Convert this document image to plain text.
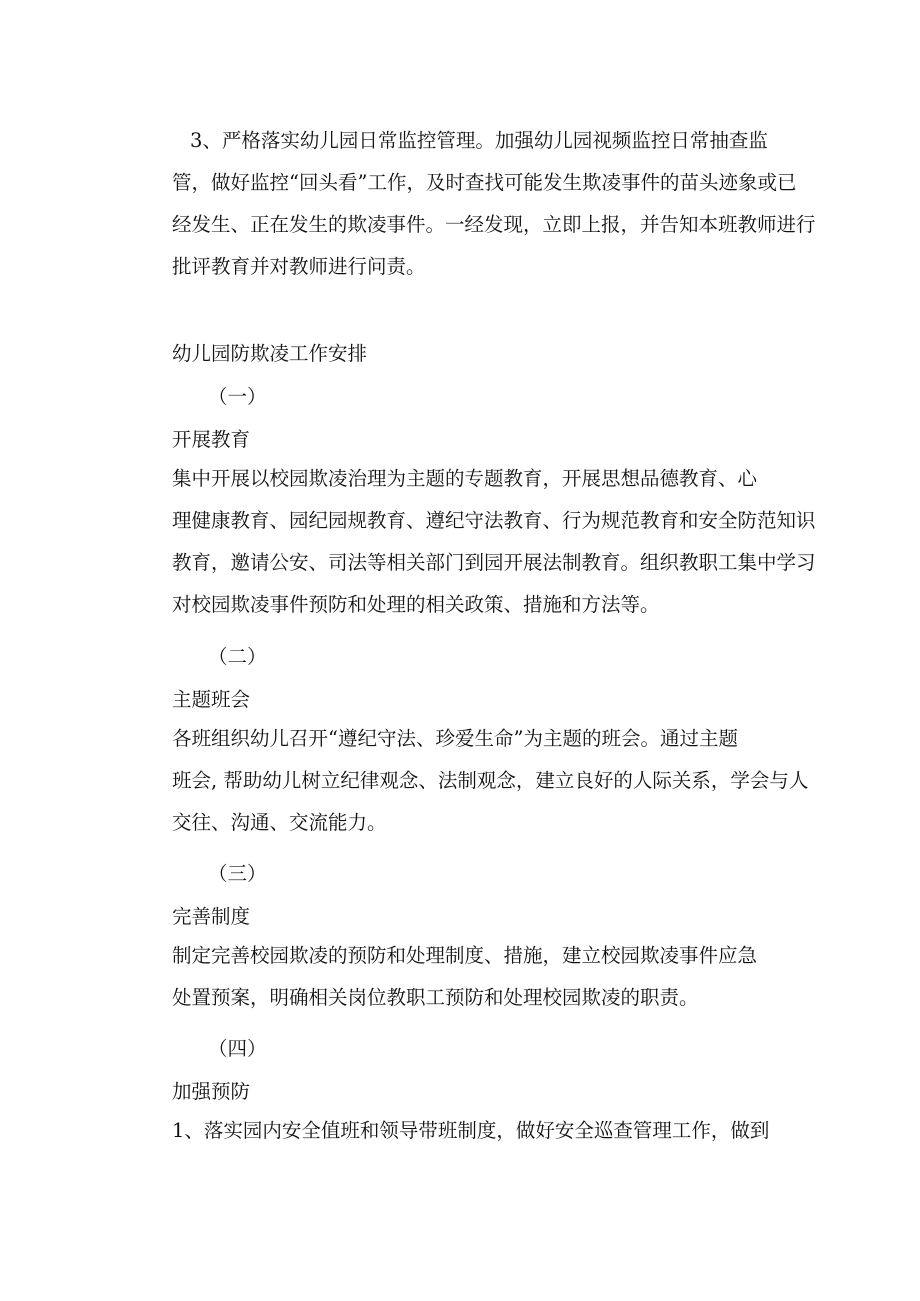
3、严格落实幼儿园日常监控管理。加强幼儿园视频监控日常抽查监
管，做好监控“回头看”工作，及时查找可能发生欺凌事件的苗头迹象或已
经发生、正在发生的欺凌事件。一经发现，立即上报，并告知本班教师进行
批评教育并对教师进行问责。
幼儿园防欺凌工作安排
（一）
开展教育
集中开展以校园欺凌治理为主题的专题教育，开展思想品德教育、心
理健康教育、园纪园规教育、遵纪守法教育、行为规范教育和安全防范知识
教育，邀请公安、司法等相关部门到园开展法制教育。组织教职工集中学习
对校园欺凌事件预防和处理的相关政策、措施和方法等。
（二）
主题班会
各班组织幼儿召开“遵纪守法、珍爱生命”为主题的班会。通过主题
班会, 帮助幼儿树立纪律观念、法制观念，建立良好的人际关系，学会与人
交往、沟通、交流能力。
（三）
完善制度
制定完善校园欺凌的预防和处理制度、措施，建立校园欺凌事件应急
处置预案，明确相关岗位教职工预防和处理校园欺凌的职责。
（四）
加强预防
1、落实园内安全值班和领导带班制度，做好安全巡查管理工作，做到
